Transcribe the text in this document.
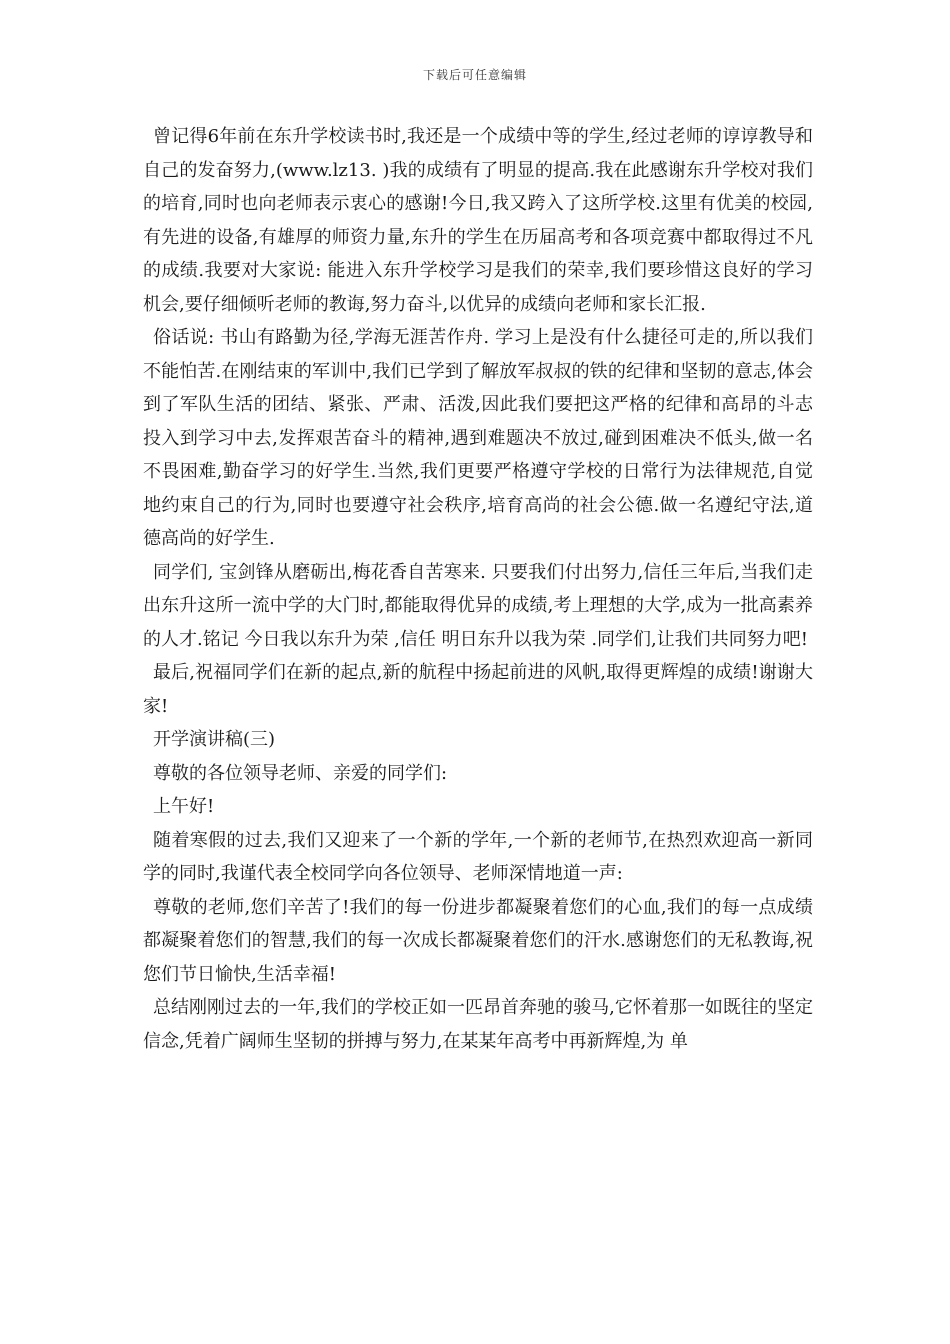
下载后可任意编辑

曾记得6年前在东升学校读书时,我还是一个成绩中等的学生,经过老师的谆谆教导和自己的发奋努力,(www.lz13. )我的成绩有了明显的提高.我在此感谢东升学校对我们的培育,同时也向老师表示衷心的感谢!今日,我又跨入了这所学校.这里有优美的校园,有先进的设备,有雄厚的师资力量,东升的学生在历届高考和各项竞赛中都取得过不凡的成绩.我要对大家说: 能进入东升学校学习是我们的荣幸,我们要珍惜这良好的学习机会,要仔细倾听老师的教诲,努力奋斗,以优异的成绩向老师和家长汇报.

俗话说: 书山有路勤为径,学海无涯苦作舟. 学习上是没有什么捷径可走的,所以我们不能怕苦.在刚结束的军训中,我们已学到了解放军叔叔的铁的纪律和坚韧的意志,体会到了军队生活的团结、紧张、严肃、活泼,因此我们要把这严格的纪律和高昂的斗志投入到学习中去,发挥艰苦奋斗的精神,遇到难题决不放过,碰到困难决不低头,做一名不畏困难,勤奋学习的好学生.当然,我们更要严格遵守学校的日常行为法律规范,自觉地约束自己的行为,同时也要遵守社会秩序,培育高尚的社会公德.做一名遵纪守法,道德高尚的好学生.

同学们, 宝剑锋从磨砺出,梅花香自苦寒来. 只要我们付出努力,信任三年后,当我们走出东升这所一流中学的大门时,都能取得优异的成绩,考上理想的大学,成为一批高素养的人才.铭记 今日我以东升为荣 ,信任 明日东升以我为荣 .同学们,让我们共同努力吧!

最后,祝福同学们在新的起点,新的航程中扬起前进的风帆,取得更辉煌的成绩!谢谢大家!

开学演讲稿(三)

尊敬的各位领导老师、亲爱的同学们:

上午好!

随着寒假的过去,我们又迎来了一个新的学年,一个新的老师节,在热烈欢迎高一新同学的同时,我谨代表全校同学向各位领导、老师深情地道一声:

尊敬的老师,您们辛苦了!我们的每一份进步都凝聚着您们的心血,我们的每一点成绩都凝聚着您们的智慧,我们的每一次成长都凝聚着您们的汗水.感谢您们的无私教诲,祝您们节日愉快,生活幸福!

总结刚刚过去的一年,我们的学校正如一匹昂首奔驰的骏马,它怀着那一如既往的坚定信念,凭着广阔师生坚韧的拼搏与努力,在某某年高考中再新辉煌,为 单
